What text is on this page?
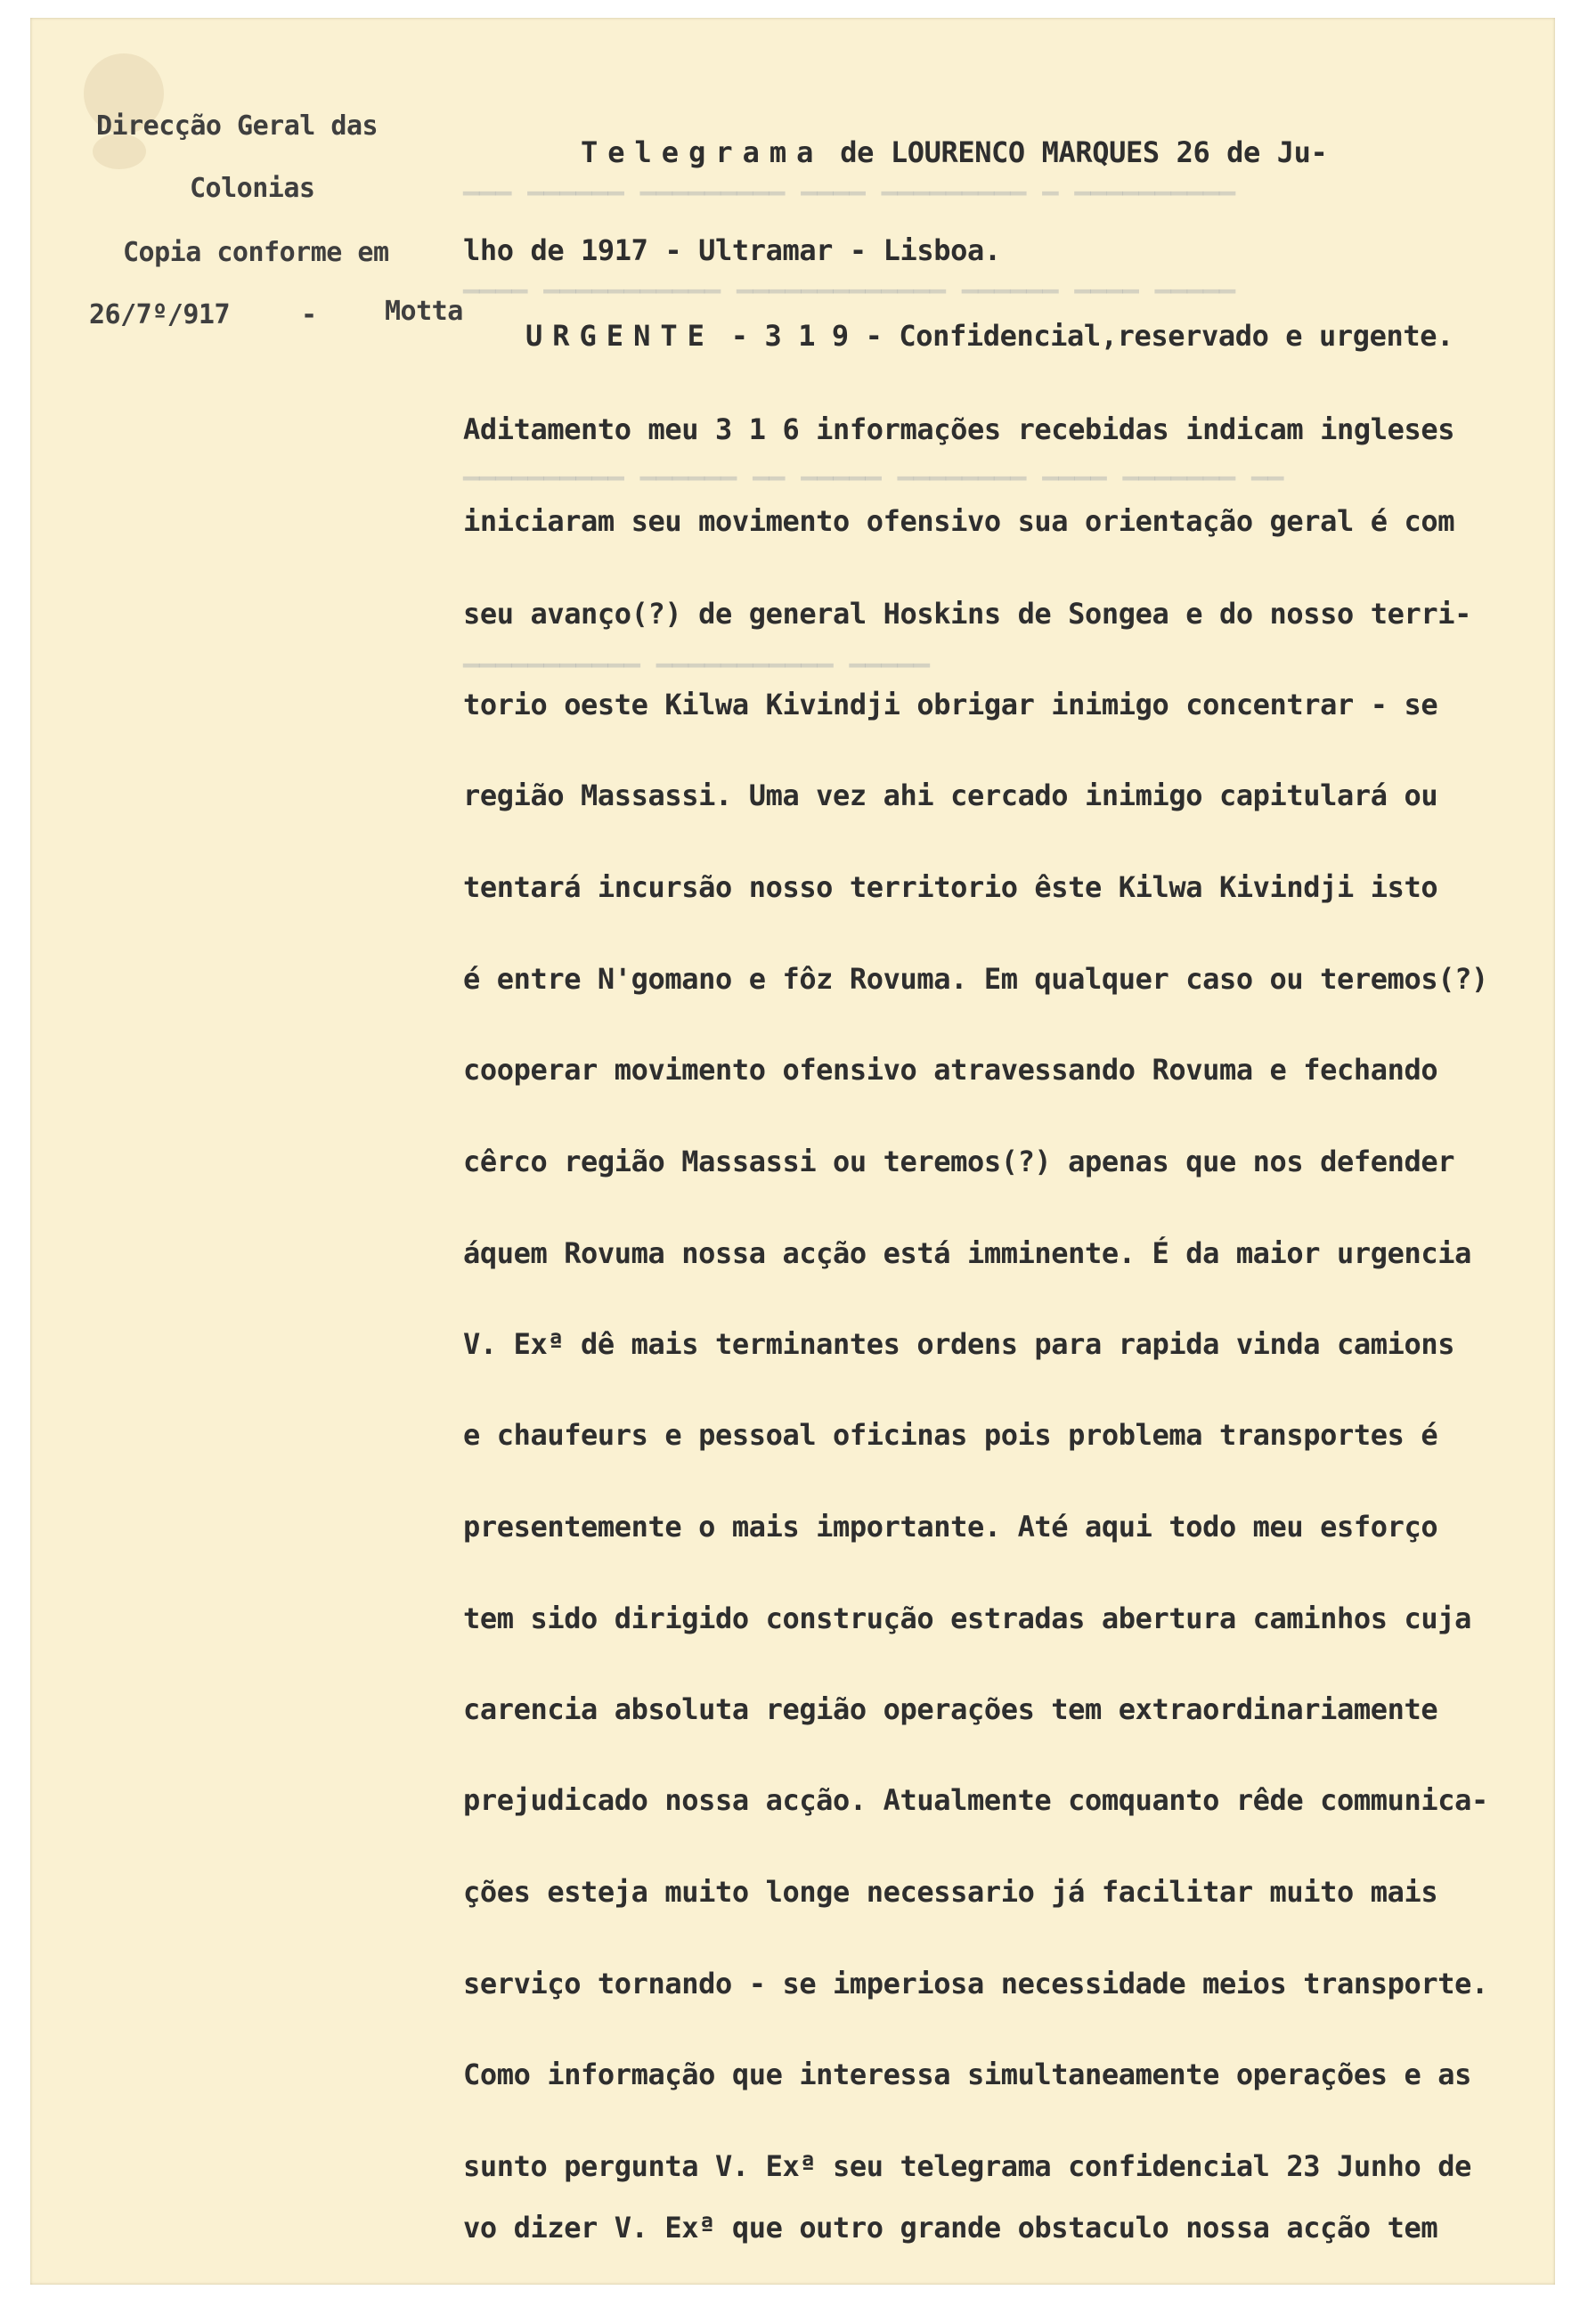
▁▁▁ ▁▁▁▁▁▁ ▁▁▁▁▁▁▁▁▁ ▁▁▁▁ ▁▁▁▁▁▁▁▁▁ ▁ ▁▁▁▁▁▁▁▁▁▁
▁▁▁▁ ▁▁▁▁▁▁▁▁▁▁▁ ▁▁▁▁▁▁▁▁▁▁▁▁▁ ▁▁▁▁▁▁ ▁▁▁▁ ▁▁▁▁▁
▁▁▁▁▁▁▁▁▁▁ ▁▁▁▁▁▁ ▁▁ ▁▁▁▁▁ ▁▁▁▁▁▁▁▁ ▁▁▁▁ ▁▁▁▁▁▁▁ ▁▁
▁▁▁▁▁▁▁▁▁▁▁ ▁▁▁▁▁▁▁▁▁▁▁ ▁▁▁▁▁
Direcção Geral das
Colonias
Copia conforme em
26/7º/917	-	Motta
Telegrama de LOURENCO MARQUES 26 de Ju-
lho de 1917 - Ultramar - Lisboa.
URGENTE - 3 1 9 - Confidencial,reservado e urgente.
Aditamento meu 3 1 6 informações recebidas indicam ingleses
iniciaram seu movimento ofensivo sua orientação geral é com
seu avanço(?) de general Hoskins de Songea e do nosso terri-
torio oeste Kilwa Kivindji obrigar inimigo concentrar - se
região Massassi. Uma vez ahi cercado inimigo capitulará ou
tentará incursão nosso territorio êste Kilwa Kivindji isto
é entre N'gomano e fôz Rovuma. Em qualquer caso ou teremos(?)
cooperar movimento ofensivo atravessando Rovuma e fechando
cêrco região Massassi ou teremos(?) apenas que nos defender
áquem Rovuma nossa acção está imminente. É da maior urgencia
V. Exª dê mais terminantes ordens para rapida vinda camions
e chaufeurs e pessoal oficinas pois problema transportes é
presentemente o mais importante. Até aqui todo meu esforço
tem sido dirigido construção estradas abertura caminhos cuja
carencia absoluta região operações tem extraordinariamente
prejudicado nossa acção. Atualmente comquanto rêde communica-
ções esteja muito longe necessario já facilitar muito mais
serviço tornando - se imperiosa necessidade meios transporte.
Como informação que interessa simultaneamente operações e as
sunto pergunta V. Exª seu telegrama confidencial 23 Junho de
vo dizer V. Exª que outro grande obstaculo nossa acção tem
